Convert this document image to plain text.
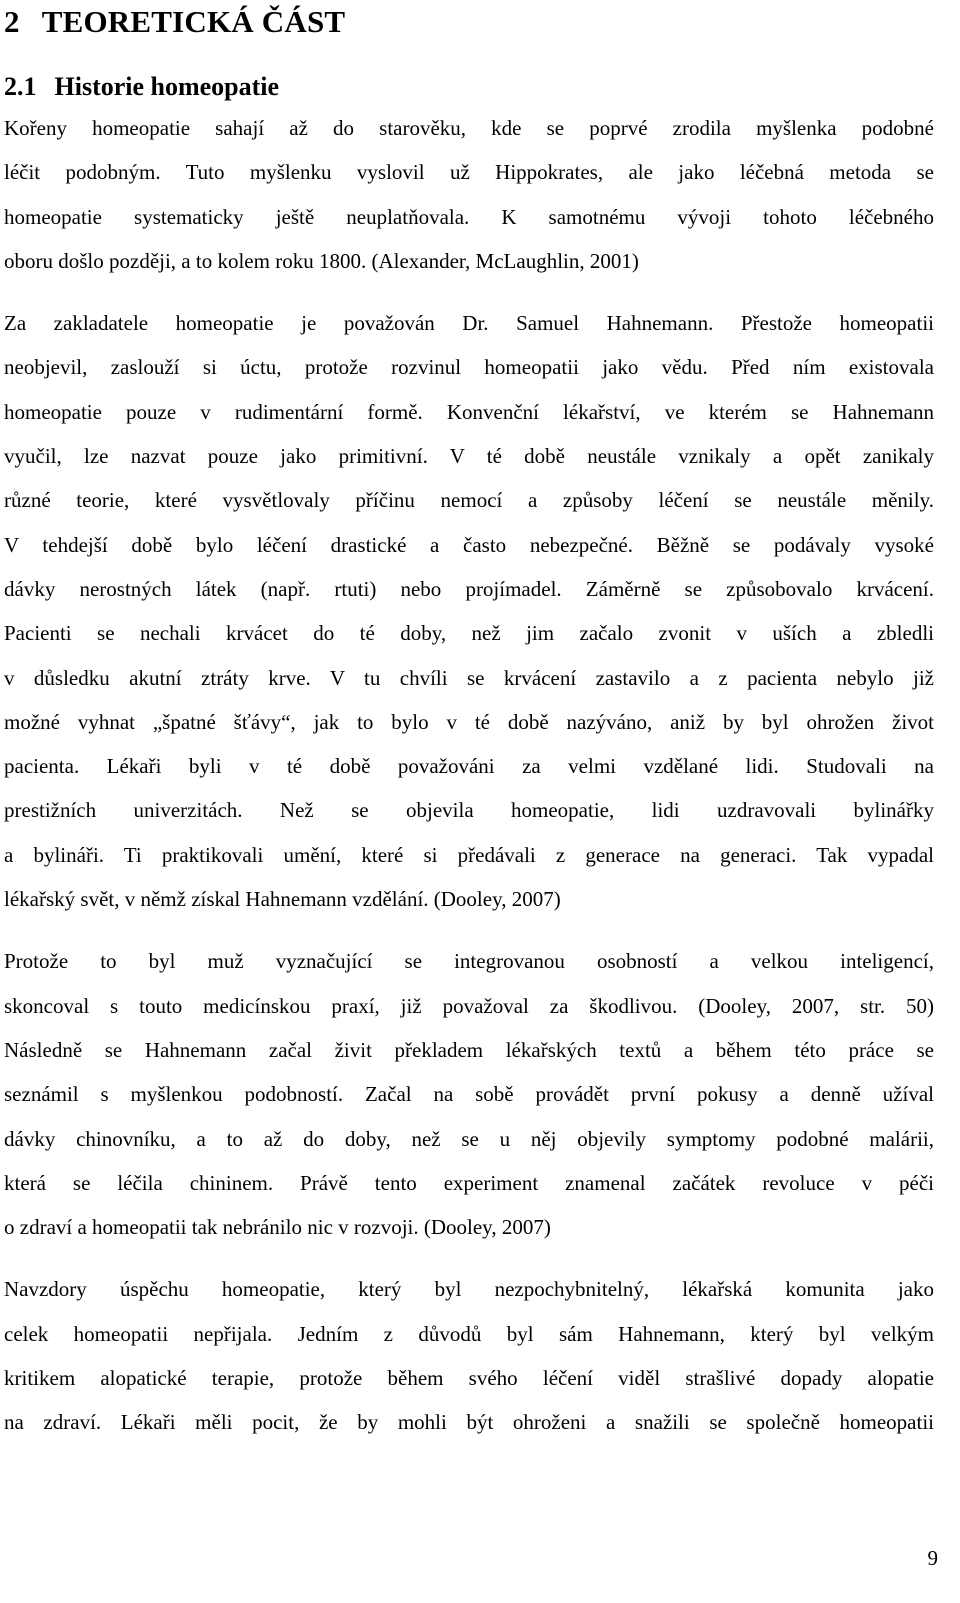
2 TEORETICKÁ ČÁST
2.1 Historie homeopatie
Kořeny homeopatie sahají až do starověku, kde se poprvé zrodila myšlenka podobné
léčit podobným. Tuto myšlenku vyslovil už Hippokrates, ale jako léčebná metoda se
homeopatie systematicky ještě neuplatňovala. K samotnému vývoji tohoto léčebného
oboru došlo později, a to kolem roku 1800. (Alexander, McLaughlin, 2001)
Za zakladatele homeopatie je považován Dr. Samuel Hahnemann. Přestože homeopatii
neobjevil, zaslouží si úctu, protože rozvinul homeopatii jako vědu. Před ním existovala
homeopatie pouze v rudimentární formě. Konvenční lékařství, ve kterém se Hahnemann
vyučil, lze nazvat pouze jako primitivní. V té době neustále vznikaly a opět zanikaly
různé teorie, které vysvětlovaly příčinu nemocí a způsoby léčení se neustále měnily.
V tehdejší době bylo léčení drastické a často nebezpečné. Běžně se podávaly vysoké
dávky nerostných látek (např. rtuti) nebo projímadel. Záměrně se způsobovalo krvácení.
Pacienti se nechali krvácet do té doby, než jim začalo zvonit v uších a zbledli
v důsledku akutní ztráty krve. V tu chvíli se krvácení zastavilo a z pacienta nebylo již
možné vyhnat „špatné šťávy“, jak to bylo v té době nazýváno, aniž by byl ohrožen život
pacienta. Lékaři byli v té době považováni za velmi vzdělané lidi. Studovali na
prestižních univerzitách. Než se objevila homeopatie, lidi uzdravovali bylinářky
a bylináři. Ti praktikovali umění, které si předávali z generace na generaci. Tak vypadal
lékařský svět, v němž získal Hahnemann vzdělání. (Dooley, 2007)
Protože to byl muž vyznačující se integrovanou osobností a velkou inteligencí,
skoncoval s touto medicínskou praxí, již považoval za škodlivou. (Dooley, 2007, str. 50)
Následně se Hahnemann začal živit překladem lékařských textů a během této práce se
seznámil s myšlenkou podobností. Začal na sobě provádět první pokusy a denně užíval
dávky chinovníku, a to až do doby, než se u něj objevily symptomy podobné malárii,
která se léčila chininem. Právě tento experiment znamenal začátek revoluce v péči
o zdraví a homeopatii tak nebránilo nic v rozvoji. (Dooley, 2007)
Navzdory úspěchu homeopatie, který byl nezpochybnitelný, lékařská komunita jako
celek homeopatii nepřijala. Jedním z důvodů byl sám Hahnemann, který byl velkým
kritikem alopatické terapie, protože během svého léčení viděl strašlivé dopady alopatie
na zdraví. Lékaři měli pocit, že by mohli být ohroženi a snažili se společně homeopatii
9
